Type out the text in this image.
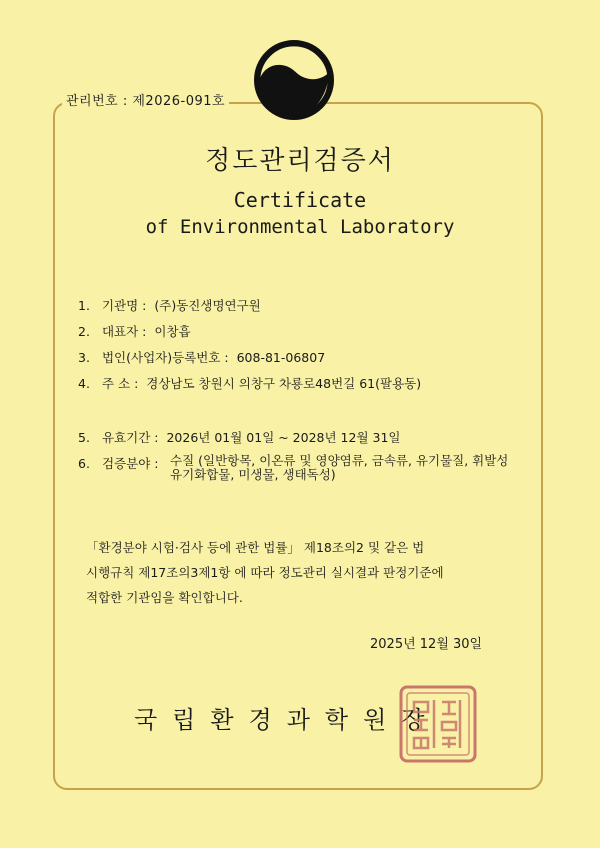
관리번호 : 제2026-091호
정도관리검증서
Certificate
of Environmental Laboratory
1. 기관명 : (주)동진생명연구원
2. 대표자 : 이창흡
3. 법인(사업자)등록번호 : 608-81-06807
4. 주 소 : 경상남도 창원시 의창구 차룡로48번길 61(팔용동)
5. 유효기간 : 2026년 01월 01일 ~ 2028년 12월 31일
6. 검증분야 : 수질 (일반항목, 이온류 및 영양염류, 금속류, 유기물질, 휘발성유기화합물, 미생물, 생태독성)

「환경분야 시험·검사 등에 관한 법률」 제18조의2 및 같은 법

시행규칙 제17조의3제1항 에 따라 정도관리 실시결과 판정기준에

적합한 기관임을 확인합니다.

2025년 12월 30일
국립환경과학원장
